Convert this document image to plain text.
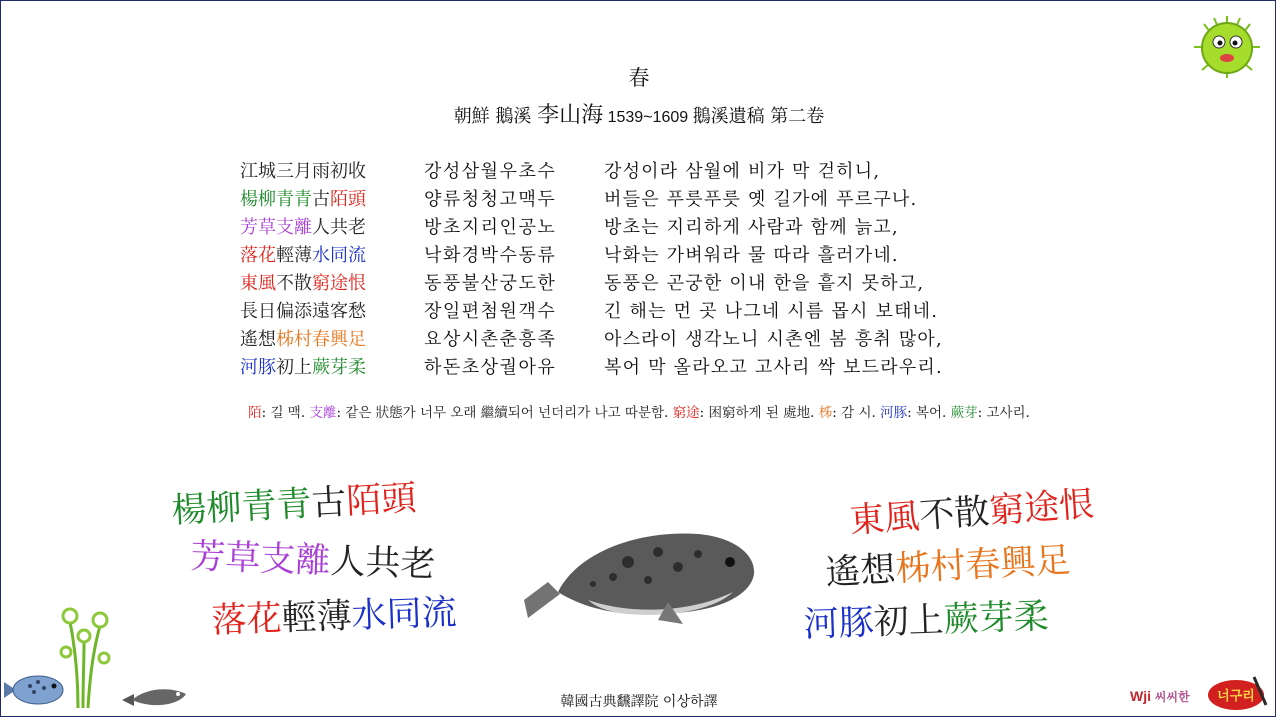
春
朝鮮 鵝溪 李山海 1539~1609 鵝溪遺稿 第二卷
江城三月雨初收	강성삼월우초수	강성이라 삼월에 비가 막 걷히니,
楊柳青青古陌頭	양류청청고맥두	버들은 푸릇푸릇 옛 길가에 푸르구나.
芳草支離人共老	방초지리인공노	방초는 지리하게 사람과 함께 늙고,
落花輕薄水同流	낙화경박수동류	낙화는 가벼워라 물 따라 흘러가네.
東風不散窮途恨	동풍불산궁도한	동풍은 곤궁한 이내 한을 흩지 못하고,
長日偏添遠客愁	장일편첨원객수	긴 해는 먼 곳 나그네 시름 몹시 보태네.
遙想柹村春興足	요상시촌춘흥족	아스라이 생각노니 시촌엔 봄 흥취 많아,
河豚初上蕨芽柔	하돈초상궐아유	복어 막 올라오고 고사리 싹 보드라우리.
陌: 길 맥. 支離: 같은 狀態가 너무 오래 繼續되어 넌더리가 나고 따분함. 窮途: 困窮하게 된 處地. 柹: 감 시. 河豚: 복어. 蕨芽: 고사리.
楊柳青青古陌頭
芳草支離人共老
落花輕薄水同流
東風不散窮途恨
遙想柹村春興足
河豚初上蕨芽柔
韓國古典飜譯院 이상하譯	Wji 씨씨한 너구리
